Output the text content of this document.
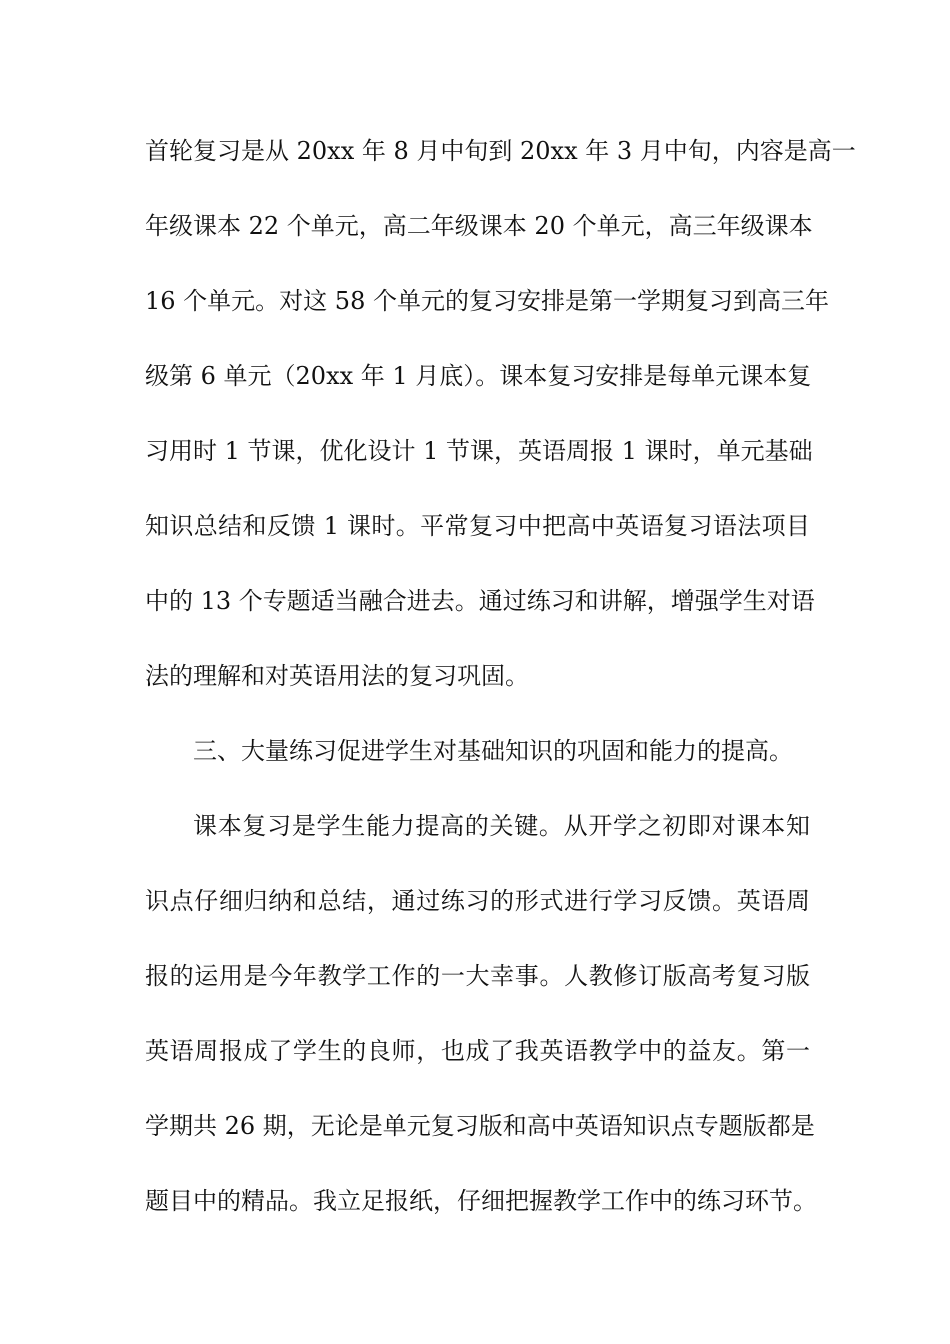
首轮复习是从 20xx 年 8 月中旬到 20xx 年 3 月中旬，内容是高一
年级课本 22 个单元，高二年级课本 20 个单元，高三年级课本
16 个单元。对这 58 个单元的复习安排是第一学期复习到高三年
级第 6 单元（20xx 年 1 月底）。课本复习安排是每单元课本复
习用时 1 节课，优化设计 1 节课，英语周报 1 课时，单元基础
知识总结和反馈 1 课时。平常复习中把高中英语复习语法项目
中的 13 个专题适当融合进去。通过练习和讲解，增强学生对语
法的理解和对英语用法的复习巩固。
三、大量练习促进学生对基础知识的巩固和能力的提高。
课本复习是学生能力提高的关键。从开学之初即对课本知
识点仔细归纳和总结，通过练习的形式进行学习反馈。英语周
报的运用是今年教学工作的一大幸事。人教修订版高考复习版
英语周报成了学生的良师，也成了我英语教学中的益友。第一
学期共 26 期，无论是单元复习版和高中英语知识点专题版都是
题目中的精品。我立足报纸，仔细把握教学工作中的练习环节。
